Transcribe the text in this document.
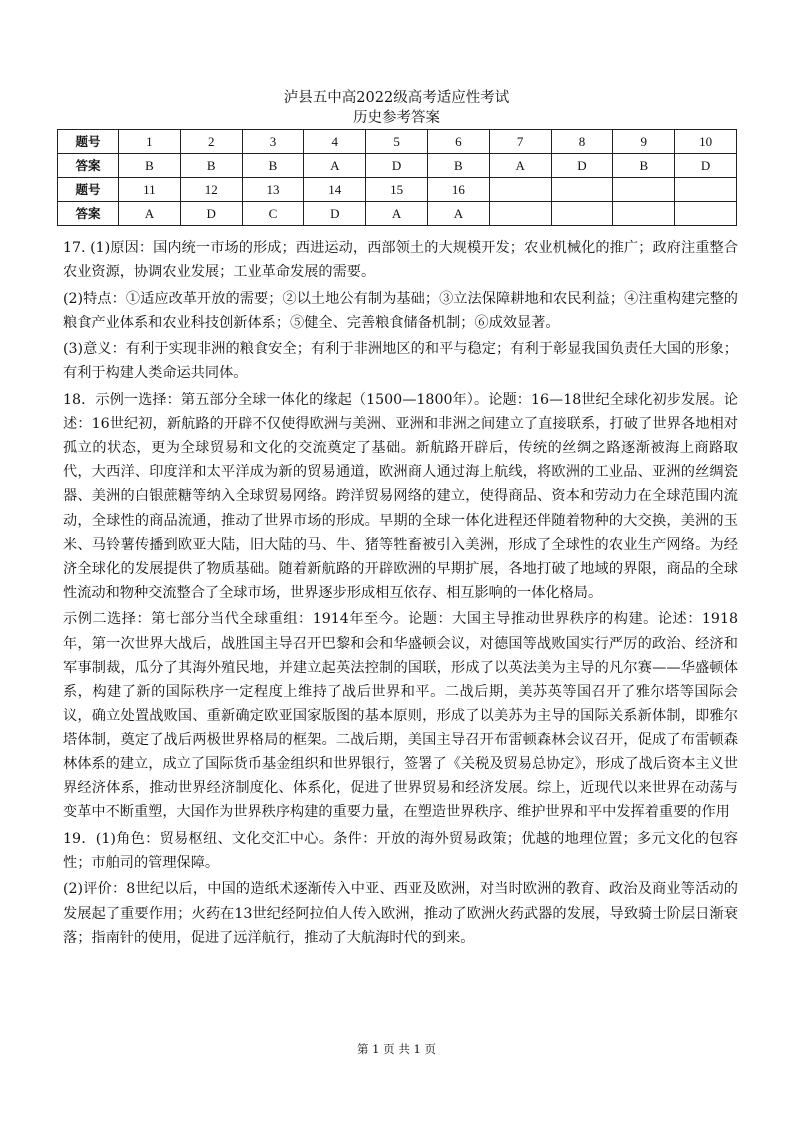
泸县五中高2022级高考适应性考试
历史参考答案
题号	1	2	3	4	5	6	7	8	9	10
答案	B	B	B	A	D	B	A	D	B	D
题号	11	12	13	14	15	16				
答案	A	D	C	D	A	A				

17. (1)原因：国内统一市场的形成；西进运动，西部领土的大规模开发；农业机械化的推广；政府注重整合农业资源，协调农业发展；工业革命发展的需要。

(2)特点：①适应改革开放的需要；②以土地公有制为基础；③立法保障耕地和农民利益；④注重构建完整的粮食产业体系和农业科技创新体系；⑤健全、完善粮食储备机制；⑥成效显著。

(3)意义：有利于实现非洲的粮食安全；有利于非洲地区的和平与稳定；有利于彰显我国负责任大国的形象；有利于构建人类命运共同体。

18．示例一选择：第五部分全球一体化的缘起（1500—1800年）。论题：16—18世纪全球化初步发展。论述：16世纪初，新航路的开辟不仅使得欧洲与美洲、亚洲和非洲之间建立了直接联系，打破了世界各地相对孤立的状态，更为全球贸易和文化的交流奠定了基础。新航路开辟后，传统的丝绸之路逐渐被海上商路取代，大西洋、印度洋和太平洋成为新的贸易通道，欧洲商人通过海上航线，将欧洲的工业品、亚洲的丝绸瓷器、美洲的白银蔗糖等纳入全球贸易网络。跨洋贸易网络的建立，使得商品、资本和劳动力在全球范围内流动，全球性的商品流通，推动了世界市场的形成。早期的全球一体化进程还伴随着物种的大交换，美洲的玉米、马铃薯传播到欧亚大陆，旧大陆的马、牛、猪等牲畜被引入美洲，形成了全球性的农业生产网络。为经济全球化的发展提供了物质基础。随着新航路的开辟欧洲的早期扩展，各地打破了地域的界限，商品的全球性流动和物种交流整合了全球市场，世界逐步形成相互依存、相互影响的一体化格局。

示例二选择：第七部分当代全球重组：1914年至今。论题：大国主导推动世界秩序的构建。论述：1918年，第一次世界大战后，战胜国主导召开巴黎和会和华盛顿会议，对德国等战败国实行严厉的政治、经济和军事制裁，瓜分了其海外殖民地，并建立起英法控制的国联，形成了以英法美为主导的凡尔赛——华盛顿体系，构建了新的国际秩序一定程度上维持了战后世界和平。二战后期，美苏英等国召开了雅尔塔等国际会议，确立处置战败国、重新确定欧亚国家版图的基本原则，形成了以美苏为主导的国际关系新体制，即雅尔塔体制，奠定了战后两极世界格局的框架。二战后期，美国主导召开布雷顿森林会议召开，促成了布雷顿森林体系的建立，成立了国际货币基金组织和世界银行，签署了《关税及贸易总协定》，形成了战后资本主义世界经济体系，推动世界经济制度化、体系化，促进了世界贸易和经济发展。综上，近现代以来世界在动荡与变革中不断重塑，大国作为世界秩序构建的重要力量，在塑造世界秩序、维护世界和平中发挥着重要的作用

19．(1)角色：贸易枢纽、文化交汇中心。条件：开放的海外贸易政策；优越的地理位置；多元文化的包容性；市舶司的管理保障。

(2)评价：8世纪以后，中国的造纸术逐渐传入中亚、西亚及欧洲，对当时欧洲的教育、政治及商业等活动的发展起了重要作用；火药在13世纪经阿拉伯人传入欧洲，推动了欧洲火药武器的发展，导致骑士阶层日渐衰落；指南针的使用，促进了远洋航行，推动了大航海时代的到来。

第 1 页 共 1 页
